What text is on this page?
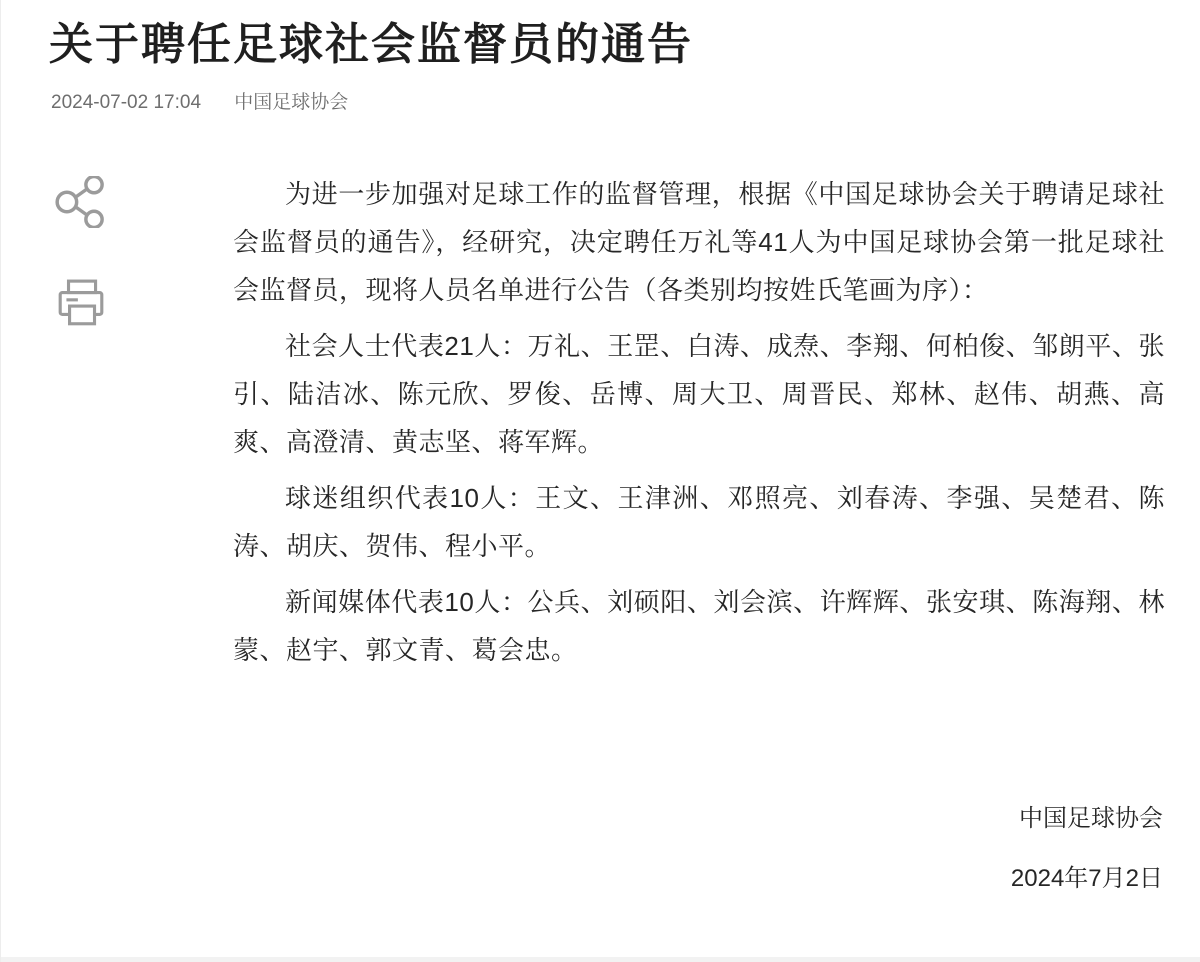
关于聘任足球社会监督员的通告
2024-07-02 17:04 中国足球协会

为进一步加强对足球工作的监督管理，根据《中国足球协会关于聘请足球社会监督员的通告》，经研究，决定聘任万礼等41人为中国足球协会第一批足球社会监督员，现将人员名单进行公告（各类别均按姓氏笔画为序）：

社会人士代表21人：万礼、王罡、白涛、成焘、李翔、何柏俊、邹朗平、张引、陆洁冰、陈元欣、罗俊、岳博、周大卫、周晋民、郑林、赵伟、胡燕、高爽、高澄清、黄志坚、蒋军辉。

球迷组织代表10人：王文、王津洲、邓照亮、刘春涛、李强、吴楚君、陈涛、胡庆、贺伟、程小平。

新闻媒体代表10人：公兵、刘硕阳、刘会滨、许辉辉、张安琪、陈海翔、林蒙、赵宇、郭文青、葛会忠。

中国足球协会
2024年7月2日
